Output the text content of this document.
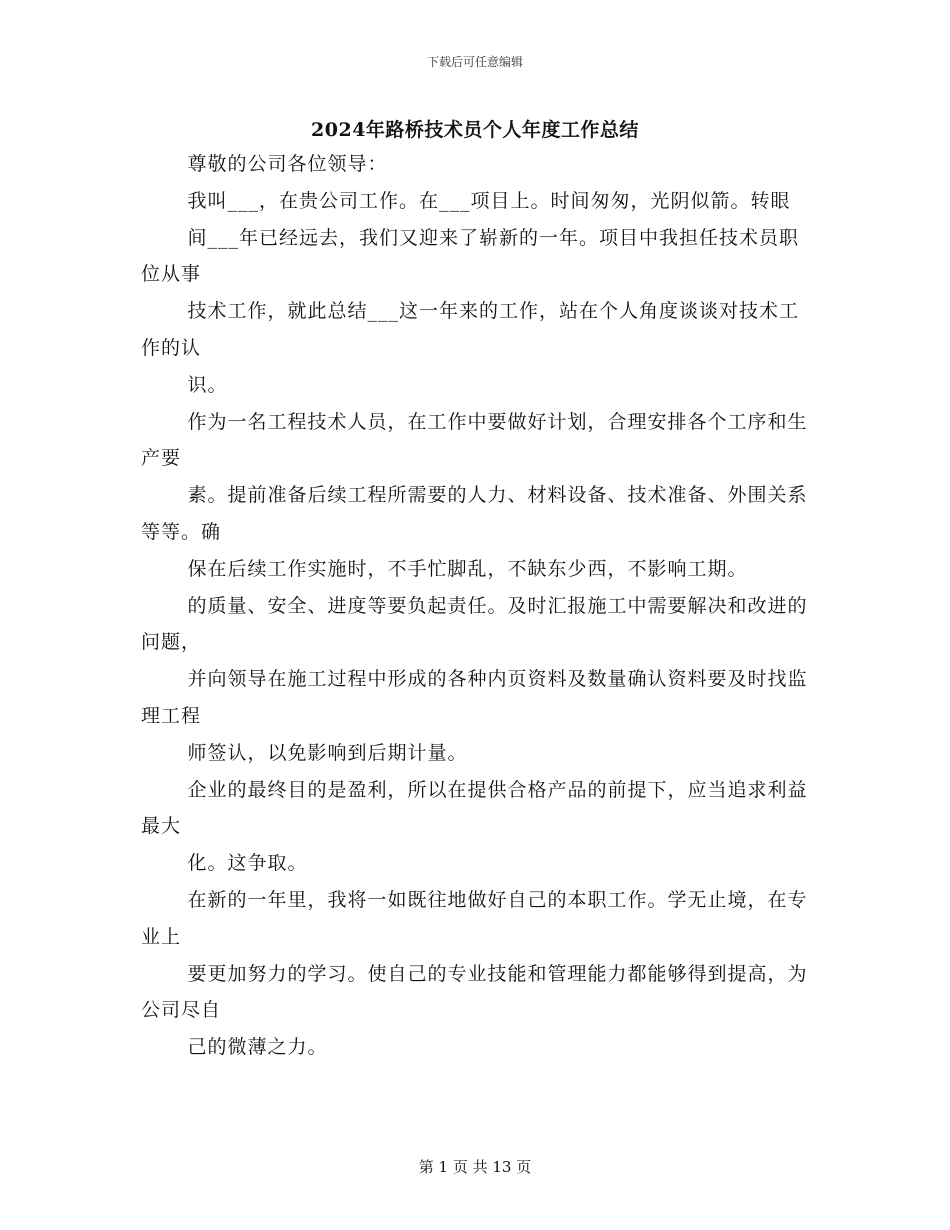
下载后可任意编辑
2024年路桥技术员个人年度工作总结

尊敬的公司各位领导：

我叫___，在贵公司工作。在___项目上。时间匆匆，光阴似箭。转眼

间___年已经远去，我们又迎来了崭新的一年。项目中我担任技术员职位从事

技术工作，就此总结___这一年来的工作，站在个人角度谈谈对技术工作的认

识。

作为一名工程技术人员，在工作中要做好计划，合理安排各个工序和生产要

素。提前准备后续工程所需要的人力、材料设备、技术准备、外围关系等等。确

保在后续工作实施时，不手忙脚乱，不缺东少西，不影响工期。

的质量、安全、进度等要负起责任。及时汇报施工中需要解决和改进的问题，

并向领导在施工过程中形成的各种内页资料及数量确认资料要及时找监理工程

师签认，以免影响到后期计量。

企业的最终目的是盈利，所以在提供合格产品的前提下，应当追求利益最大

化。这争取。

在新的一年里，我将一如既往地做好自己的本职工作。学无止境，在专业上

要更加努力的学习。使自己的专业技能和管理能力都能够得到提高，为公司尽自

己的微薄之力。

第 1 页 共 13 页
